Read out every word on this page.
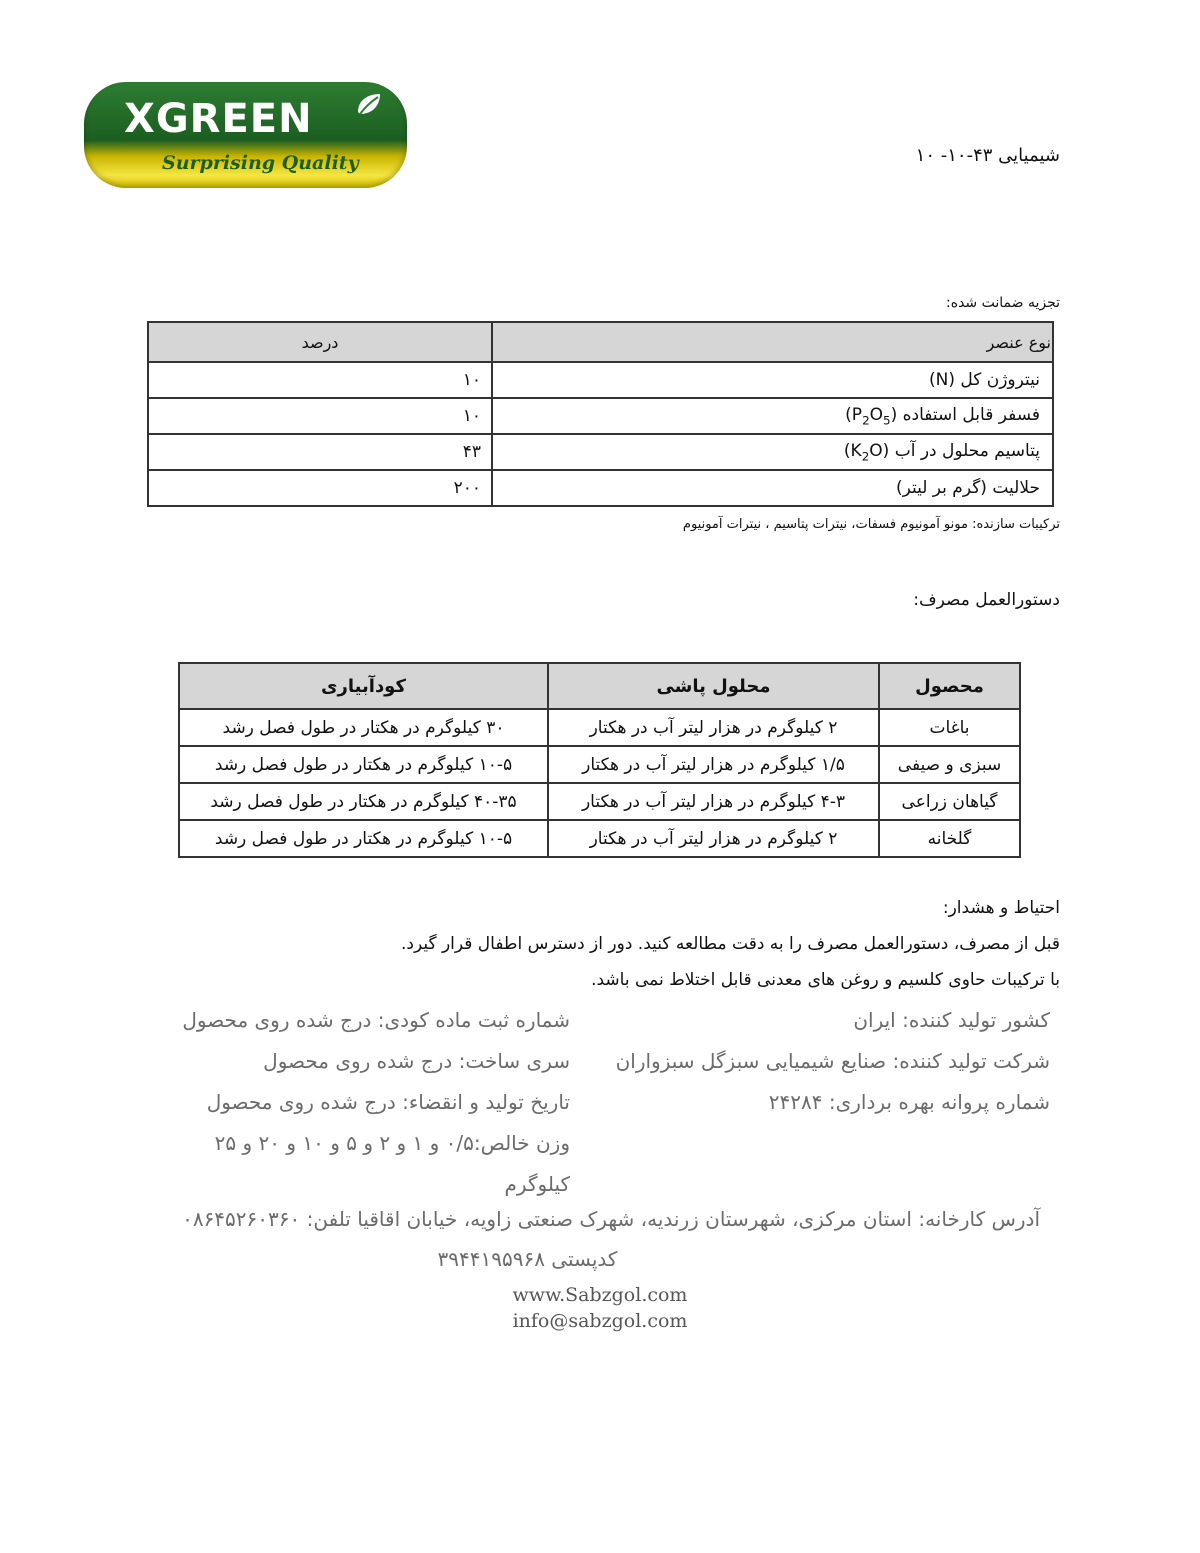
XGREEN
Surprising Quality	شیمیایی ۴۳-۱۰- ۱۰
تجزیه ضمانت شده:
نوع عنصر	درصد
نیتروژن کل (N)	۱۰
فسفر قابل استفاده $(P_2O_5)$	۱۰
پتاسیم محلول در آب $(K_2O)$	۴۳
حلالیت (گرم بر لیتر)	۲۰۰
ترکیبات سازنده: مونو آمونیوم فسفات، نیترات پتاسیم ، نیترات آمونیوم
دستورالعمل مصرف:
محصول	محلول پاشی	کودآبیاری
باغات	۲ کیلوگرم در هزار لیتر آب در هکتار	۳۰ کیلوگرم در هکتار در طول فصل رشد
سبزی و صیفی	۱/۵ کیلوگرم در هزار لیتر آب در هکتار	۱۰-۵ کیلوگرم در هکتار در طول فصل رشد
گیاهان زراعی	۴-۳ کیلوگرم در هزار لیتر آب در هکتار	۴۰-۳۵ کیلوگرم در هکتار در طول فصل رشد
گلخانه	۲ کیلوگرم در هزار لیتر آب در هکتار	۱۰-۵ کیلوگرم در هکتار در طول فصل رشد
احتیاط و هشدار:
قبل از مصرف، دستورالعمل مصرف را به دقت مطالعه کنید. دور از دسترس اطفال قرار گیرد.
با ترکیبات حاوی کلسیم و روغن های معدنی قابل اختلاط نمی باشد.
کشور تولید کننده: ایران
شرکت تولید کننده: صنایع شیمیایی سبزگل سبزواران
شماره پروانه بهره برداری: ۲۴۲۸۴
شماره ثبت ماده کودی: درج شده روی محصول
سری ساخت: درج شده روی محصول
تاریخ تولید و انقضاء: درج شده روی محصول
وزن خالص:۰/۵ و ۱ و ۲ و ۵ و ۱۰ و ۲۰ و ۲۵
کیلوگرم
آدرس کارخانه: استان مرکزی، شهرستان زرندیه، شهرک صنعتی زاویه، خیابان اقاقیا تلفن: ۰۸۶۴۵۲۶۰۳۶۰
کدپستی ۳۹۴۴۱۹۵۹۶۸
www.Sabzgol.com
info@sabzgol.com
